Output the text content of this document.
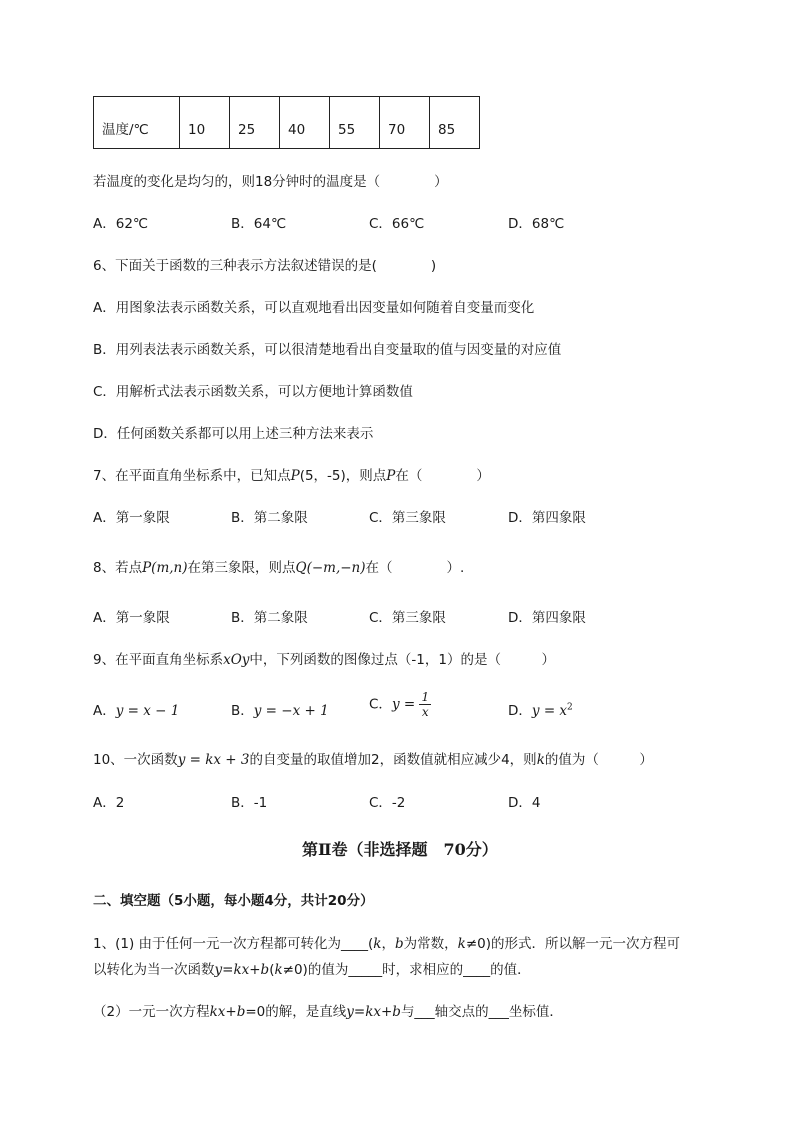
温度/℃	10	25	40	55	70	85
若温度的变化是均匀的，则18分钟时的温度是（　　　　）
A．62℃	B．64℃	C．66℃	D．68℃
6、下面关于函数的三种表示方法叙述错误的是(　　　　)
A．用图象法表示函数关系，可以直观地看出因变量如何随着自变量而变化
B．用列表法表示函数关系，可以很清楚地看出自变量取的值与因变量的对应值
C．用解析式法表示函数关系，可以方便地计算函数值
D．任何函数关系都可以用上述三种方法来表示
7、在平面直角坐标系中，已知点P(5，-5)，则点P在（　　　　）
A．第一象限	B．第二象限	C．第三象限	D．第四象限
8、若点P(m,n)在第三象限，则点Q(−m,−n)在（　　　　）.
A．第一象限	B．第二象限	C．第三象限	D．第四象限
9、在平面直角坐标系xOy中，下列函数的图像过点（-1，1）的是（　　　）
A．y = x − 1	B．y = −x + 1	C．$y = \frac{1}{x}$	D．$y = x^2$
10、一次函数y = kx + 3的自变量的取值增加2，函数值就相应减少4，则k的值为（　　　）
A．2	B．-1	C．-2	D．4
第Ⅱ卷（非选择题　70分）
二、填空题（5小题，每小题4分，共计20分）
1、(1) 由于任何一元一次方程都可转化为____(k，b为常数，k≠0)的形式．所以解一元一次方程可
以转化为当一次函数y=kx+b(k≠0)的值为_____时，求相应的____的值．
（2）一元一次方程kx+b=0的解，是直线y=kx+b与___轴交点的___坐标值．
